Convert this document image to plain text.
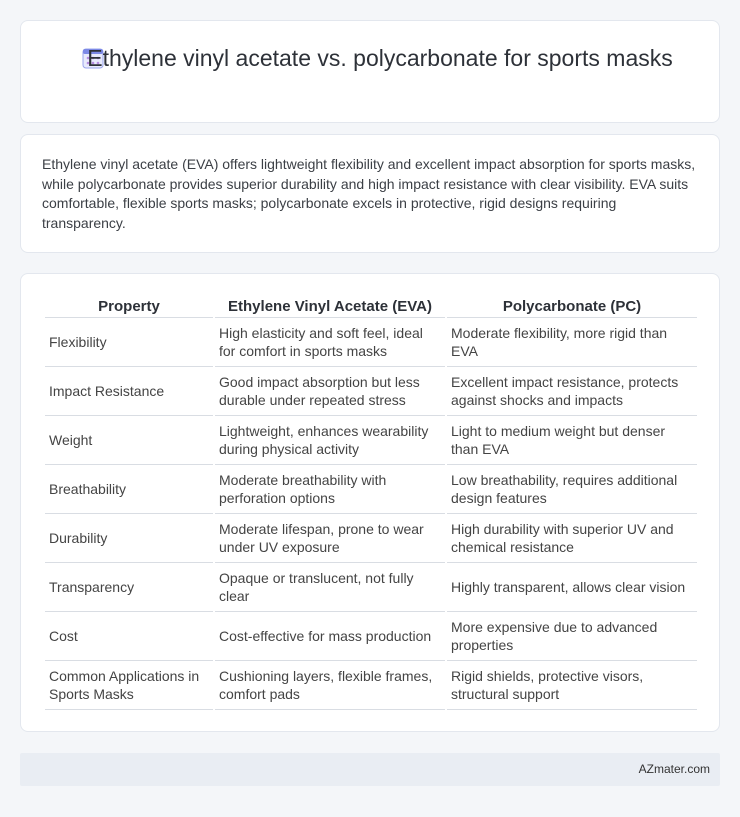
Ethylene vinyl acetate vs. polycarbonate for sports masks

Ethylene vinyl acetate (EVA) offers lightweight flexibility and excellent impact absorption for sports masks, while polycarbonate provides superior durability and high impact resistance with clear visibility. EVA suits comfortable, flexible sports masks; polycarbonate excels in protective, rigid designs requiring transparency.

Property	Ethylene Vinyl Acetate (EVA)	Polycarbonate (PC)
Flexibility	High elasticity and soft feel, ideal for comfort in sports masks	Moderate flexibility, more rigid than EVA
Impact Resistance	Good impact absorption but less durable under repeated stress	Excellent impact resistance, protects against shocks and impacts
Weight	Lightweight, enhances wearability during physical activity	Light to medium weight but denser than EVA
Breathability	Moderate breathability with perforation options	Low breathability, requires additional design features
Durability	Moderate lifespan, prone to wear under UV exposure	High durability with superior UV and chemical resistance
Transparency	Opaque or translucent, not fully clear	Highly transparent, allows clear vision
Cost	Cost-effective for mass production	More expensive due to advanced properties
Common Applications in Sports Masks	Cushioning layers, flexible frames, comfort pads	Rigid shields, protective visors, structural support
AZmater.com
